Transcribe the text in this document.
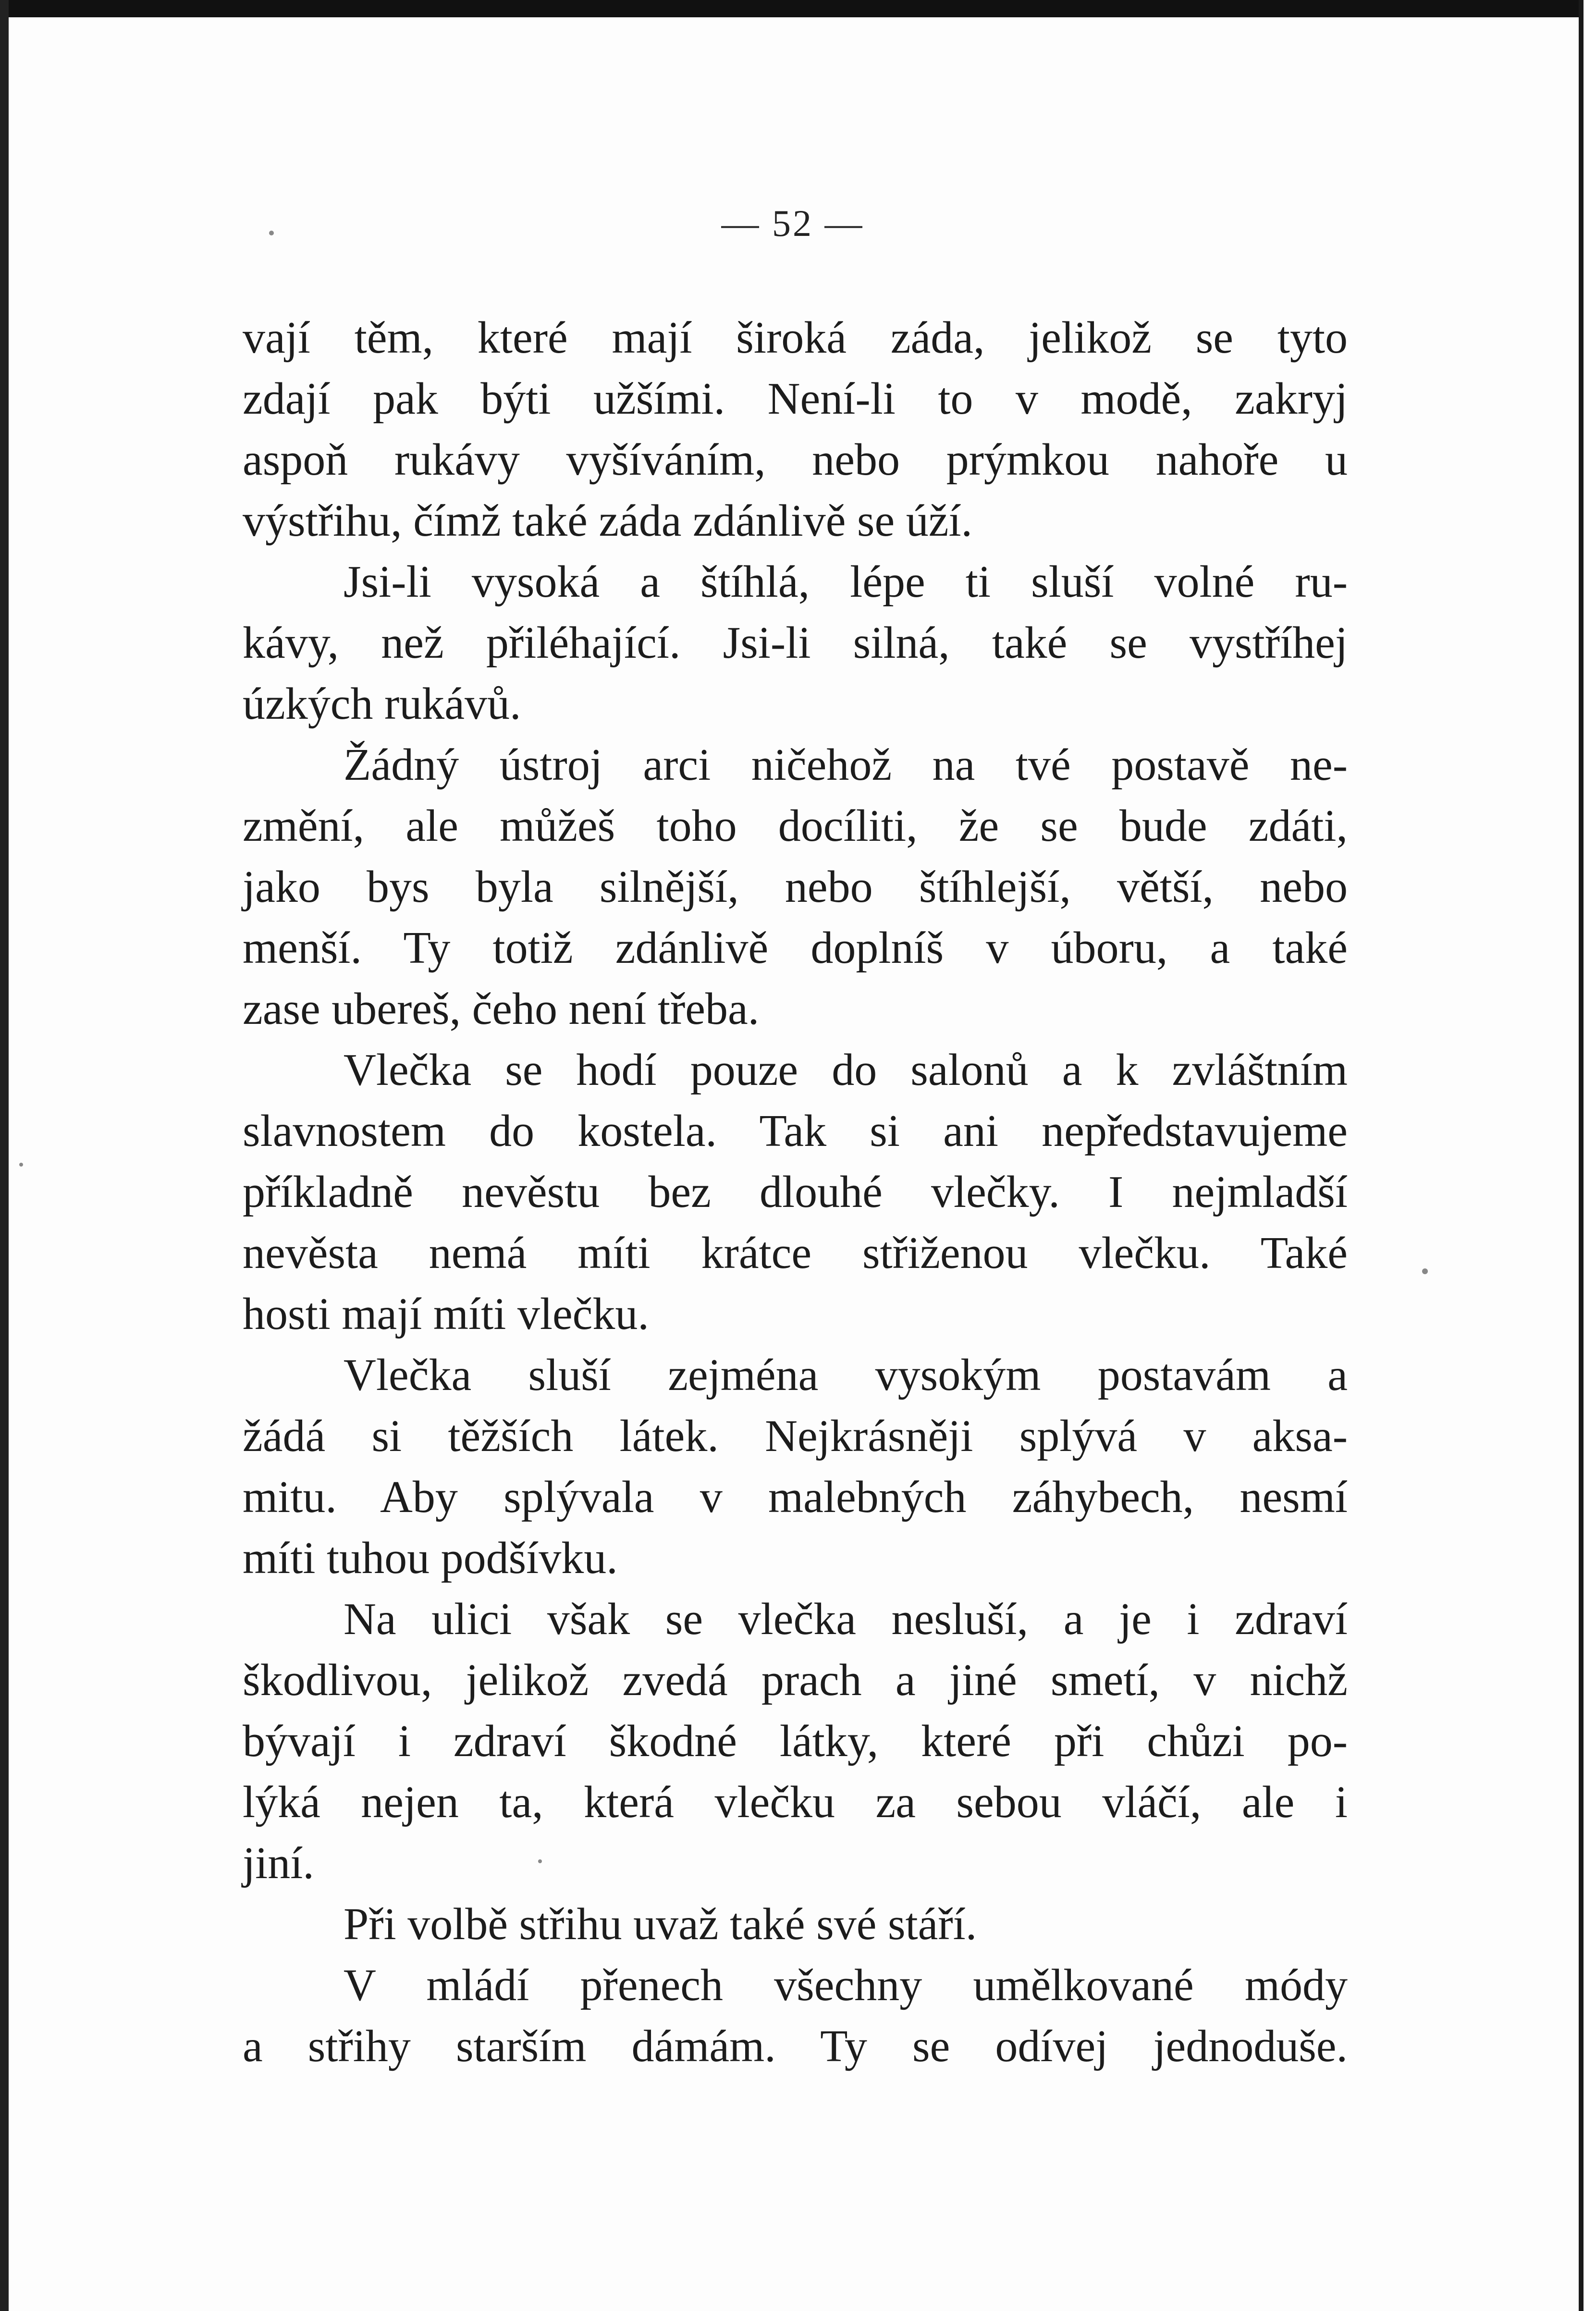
— 52 —
vají těm, které mají široká záda, jelikož se tyto
zdají pak býti užšími. Není-li to v modě, zakryj
aspoň rukávy vyšíváním, nebo prýmkou nahoře u
výstřihu, čímž také záda zdánlivě se úží.
Jsi-li vysoká a štíhlá, lépe ti sluší volné ru-
kávy, než přiléhající. Jsi-li silná, také se vystříhej
úzkých rukávů.
Žádný ústroj arci ničehož na tvé postavě ne-
změní, ale můžeš toho docíliti, že se bude zdáti,
jako bys byla silnější, nebo štíhlejší, větší, nebo
menší. Ty totiž zdánlivě doplníš v úboru, a také
zase ubereš, čeho není třeba.
Vlečka se hodí pouze do salonů a k zvláštním
slavnostem do kostela. Tak si ani nepředstavujeme
příkladně nevěstu bez dlouhé vlečky. I nejmladší
nevěsta nemá míti krátce střiženou vlečku. Také
hosti mají míti vlečku.
Vlečka sluší zejména vysokým postavám a
žádá si těžších látek. Nejkrásněji splývá v aksa-
mitu. Aby splývala v malebných záhybech, nesmí
míti tuhou podšívku.
Na ulici však se vlečka nesluší, a je i zdraví
škodlivou, jelikož zvedá prach a jiné smetí, v nichž
bývají i zdraví škodné látky, které při chůzi po-
lýká nejen ta, která vlečku za sebou vláčí, ale i
jiní.
Při volbě střihu uvaž také své stáří.
V mládí přenech všechny umělkované módy
a střihy starším dámám. Ty se odívej jednoduše.
